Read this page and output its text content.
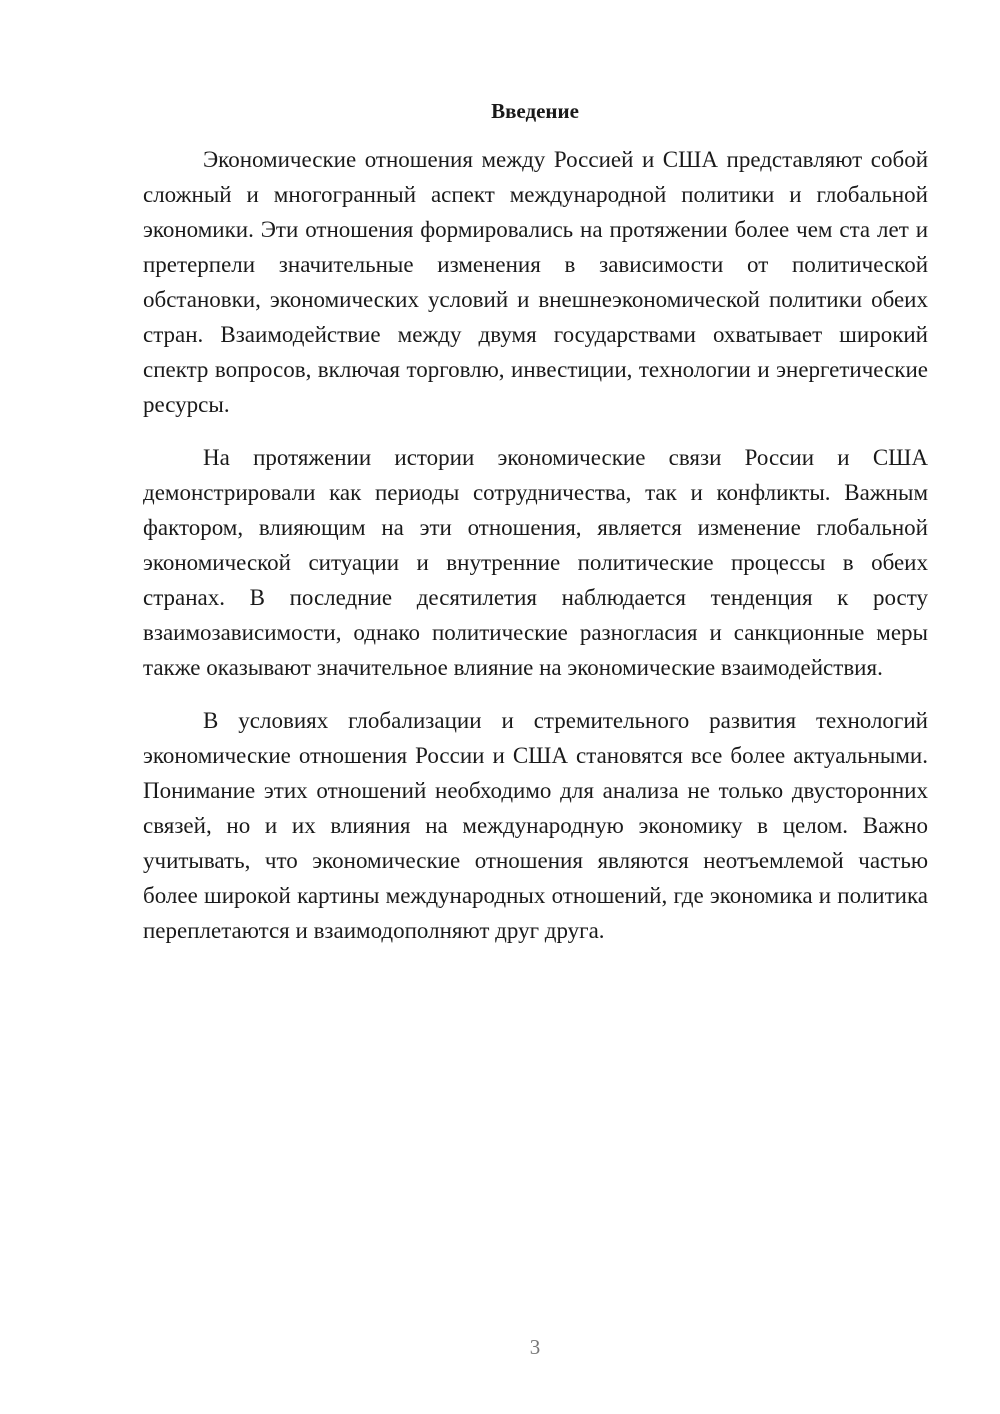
Введение

Экономические отношения между Россией и США представляют собой сложный и многогранный аспект международной политики и глобальной экономики. Эти отношения формировались на протяжении более чем ста лет и претерпели значительные изменения в зависимости от политической обстановки, экономических условий и внешнеэкономической политики обеих стран. Взаимодействие между двумя государствами охватывает широкий спектр вопросов, включая торговлю, инвестиции, технологии и энергетические ресурсы.

На протяжении истории экономические связи России и США демонстрировали как периоды сотрудничества, так и конфликты. Важным фактором, влияющим на эти отношения, является изменение глобальной экономической ситуации и внутренние политические процессы в обеих странах. В последние десятилетия наблюдается тенденция к росту взаимозависимости, однако политические разногласия и санкционные меры также оказывают значительное влияние на экономические взаимодействия.

В условиях глобализации и стремительного развития технологий экономические отношения России и США становятся все более актуальными. Понимание этих отношений необходимо для анализа не только двусторонних связей, но и их влияния на международную экономику в целом. Важно учитывать, что экономические отношения являются неотъемлемой частью более широкой картины международных отношений, где экономика и политика переплетаются и взаимодополняют друг друга.

3
